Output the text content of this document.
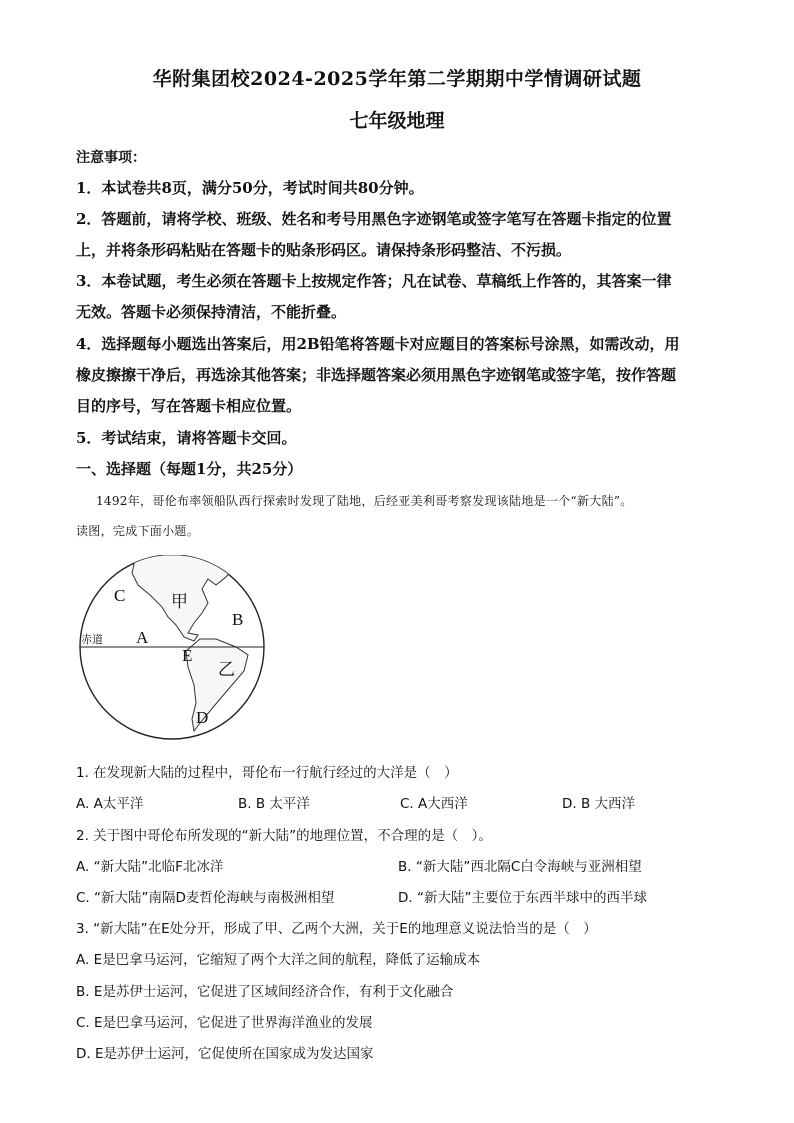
华附集团校2024-2025学年第二学期期中学情调研试题
七年级地理
注意事项：
1．本试卷共8页，满分50分，考试时间共80分钟。
2．答题前，请将学校、班级、姓名和考号用黑色字迹钢笔或签字笔写在答题卡指定的位置
上，并将条形码粘贴在答题卡的贴条形码区。请保持条形码整洁、不污损。
3．本卷试题，考生必须在答题卡上按规定作答；凡在试卷、草稿纸上作答的，其答案一律
无效。答题卡必须保持清洁，不能折叠。
4．选择题每小题选出答案后，用2B铅笔将答题卡对应题目的答案标号涂黑，如需改动，用
橡皮擦擦干净后，再选涂其他答案；非选择题答案必须用黑色字迹钢笔或签字笔，按作答题
目的序号，写在答题卡相应位置。
5．考试结束，请将答题卡交回。
一、选择题（每题1分，共25分）
1492年，哥伦布率领船队西行探索时发现了陆地，后经亚美利哥考察发现该陆地是一个“新大陆”。
读图，完成下面小题。
赤道
C	甲
B
A
E
乙
D
1. 在发现新大陆的过程中，哥伦布一行航行经过的大洋是（　）
A. A太平洋	B. B 太平洋	C. A大西洋	D. B 大西洋
2. 关于图中哥伦布所发现的“新大陆”的地理位置，不合理的是（　）。
A. “新大陆”北临F北冰洋	B. “新大陆”西北隔C白令海峡与亚洲相望
C. “新大陆”南隔D麦哲伦海峡与南极洲相望	D. “新大陆”主要位于东西半球中的西半球
3. “新大陆”在E处分开，形成了甲、乙两个大洲，关于E的地理意义说法恰当的是（　）
A. E是巴拿马运河，它缩短了两个大洋之间的航程，降低了运输成本
B. E是苏伊士运河，它促进了区域间经济合作，有利于文化融合
C. E是巴拿马运河，它促进了世界海洋渔业的发展
D. E是苏伊士运河，它促使所在国家成为发达国家
